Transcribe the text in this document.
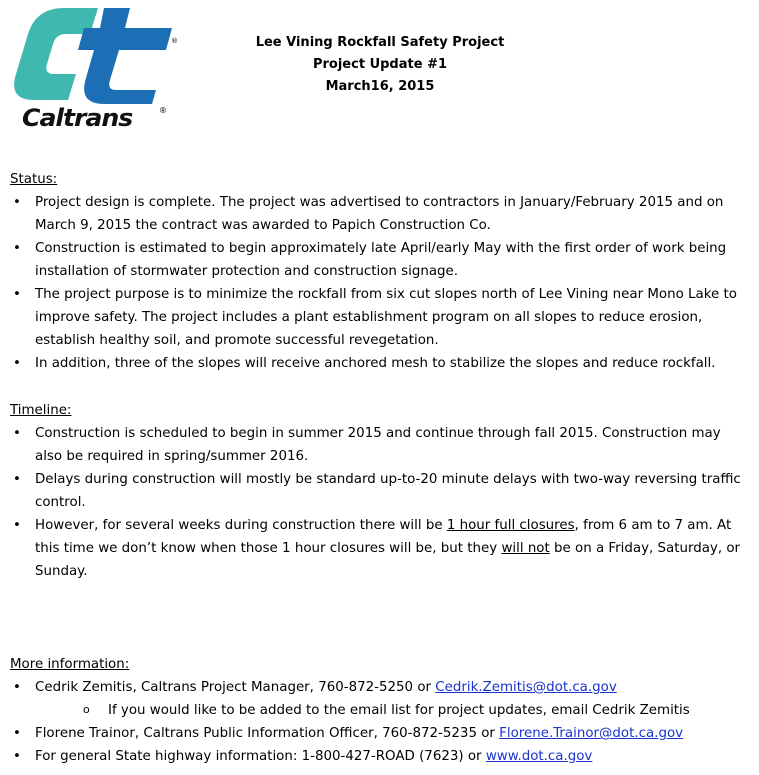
®
Caltrans	®
Lee Vining Rockfall Safety Project
Project Update #1
March16, 2015
Status:
• Project design is complete. The project was advertised to contractors in January/February 2015 and on March 9, 2015 the contract was awarded to Papich Construction Co.
• Construction is estimated to begin approximately late April/early May with the first order of work being installation of stormwater protection and construction signage.
• The project purpose is to minimize the rockfall from six cut slopes north of Lee Vining near Mono Lake to improve safety. The project includes a plant establishment program on all slopes to reduce erosion, establish healthy soil, and promote successful revegetation.
• In addition, three of the slopes will receive anchored mesh to stabilize the slopes and reduce rockfall.
Timeline:
• Construction is scheduled to begin in summer 2015 and continue through fall 2015. Construction may also be required in spring/summer 2016.
• Delays during construction will mostly be standard up-to-20 minute delays with two-way reversing traffic control.
• However, for several weeks during construction there will be 1 hour full closures, from 6 am to 7 am. At this time we don’t know when those 1 hour closures will be, but they will not be on a Friday, Saturday, or Sunday.
More information:
• Cedrik Zemitis, Caltrans Project Manager, 760-872-5250 or Cedrik.Zemitis@dot.ca.gov
o If you would like to be added to the email list for project updates, email Cedrik Zemitis
• Florene Trainor, Caltrans Public Information Officer, 760-872-5235 or Florene.Trainor@dot.ca.gov
• For general State highway information: 1-800-427-ROAD (7623) or www.dot.ca.gov
